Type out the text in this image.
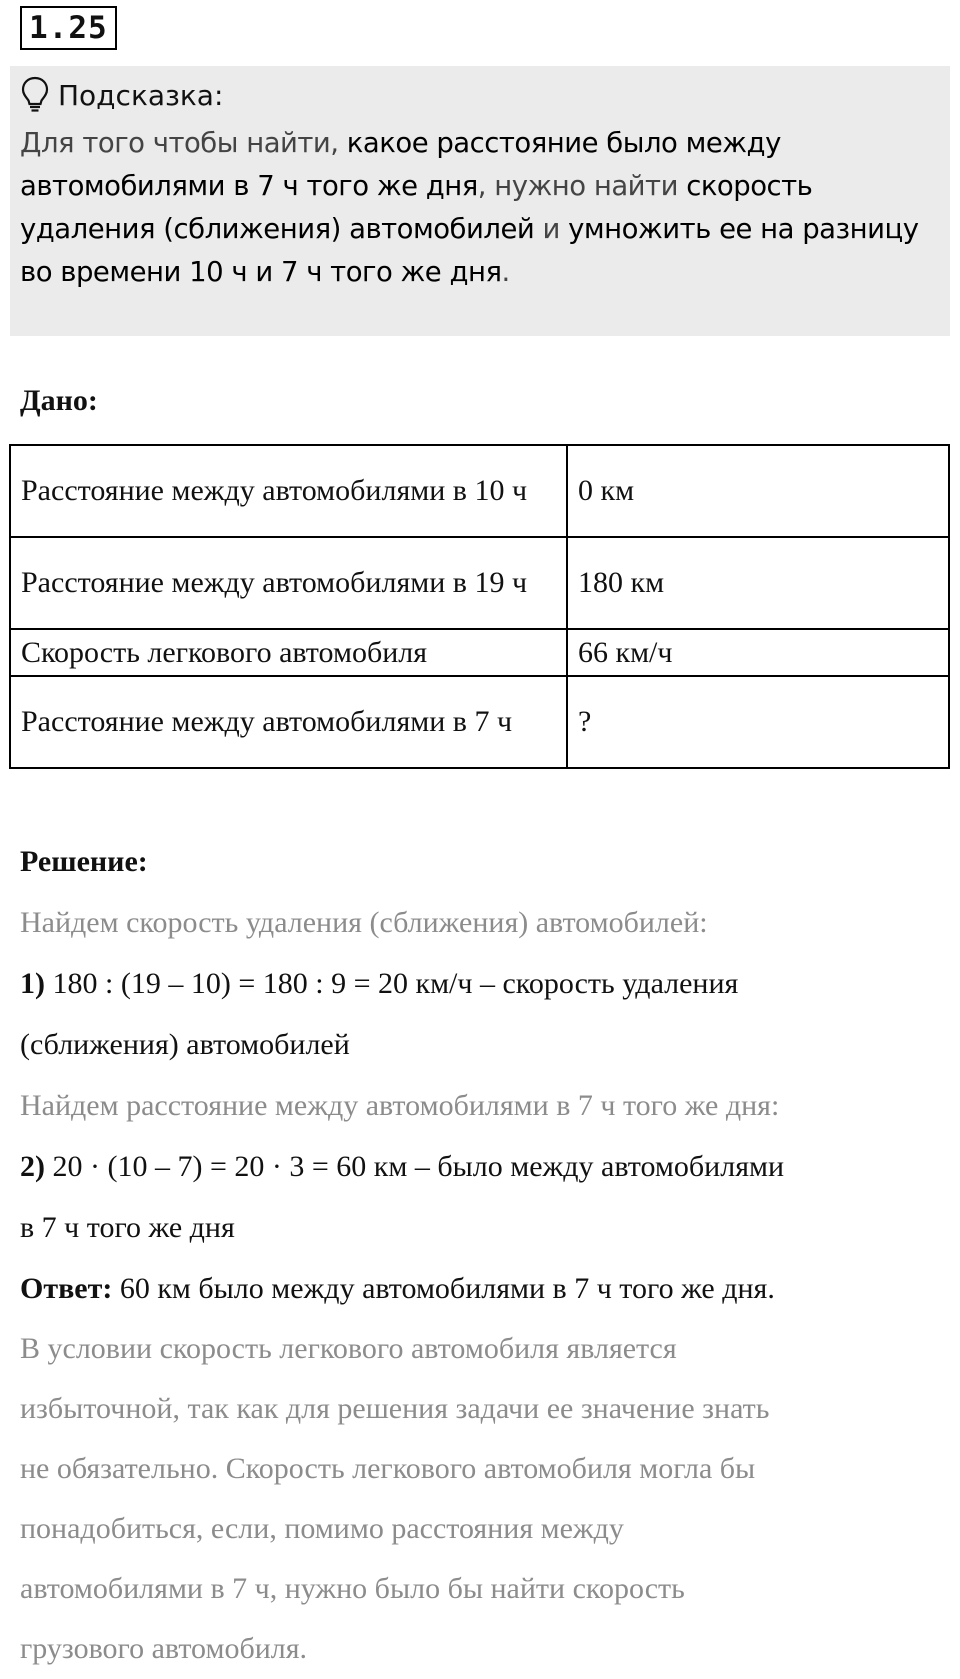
1.25
Подсказка:
Для того чтобы найти, какое расстояние было между автомобилями в 7 ч того же дня, нужно найти скорость удаления (сближения) автомобилей и умножить ее на разницу во времени 10 ч и 7 ч того же дня.
Дано:
Расстояние между автомобилями в 10 ч	0 км
Расстояние между автомобилями в 19 ч	180 км
Скорость легкового автомобиля	66 км/ч
Расстояние между автомобилями в 7 ч	?
Решение:
Найдем скорость удаления (сближения) автомобилей:
1) 180 : (19 – 10) = 180 : 9 = 20 км/ч – скорость удаления
(сближения) автомобилей
Найдем расстояние между автомобилями в 7 ч того же дня:
2) 20 · (10 – 7) = 20 · 3 = 60 км – было между автомобилями
в 7 ч того же дня
Ответ: 60 км было между автомобилями в 7 ч того же дня.
В условии скорость легкового автомобиля является
избыточной, так как для решения задачи ее значение знать
не обязательно. Скорость легкового автомобиля могла бы
понадобиться, если, помимо расстояния между
автомобилями в 7 ч, нужно было бы найти скорость
грузового автомобиля.
